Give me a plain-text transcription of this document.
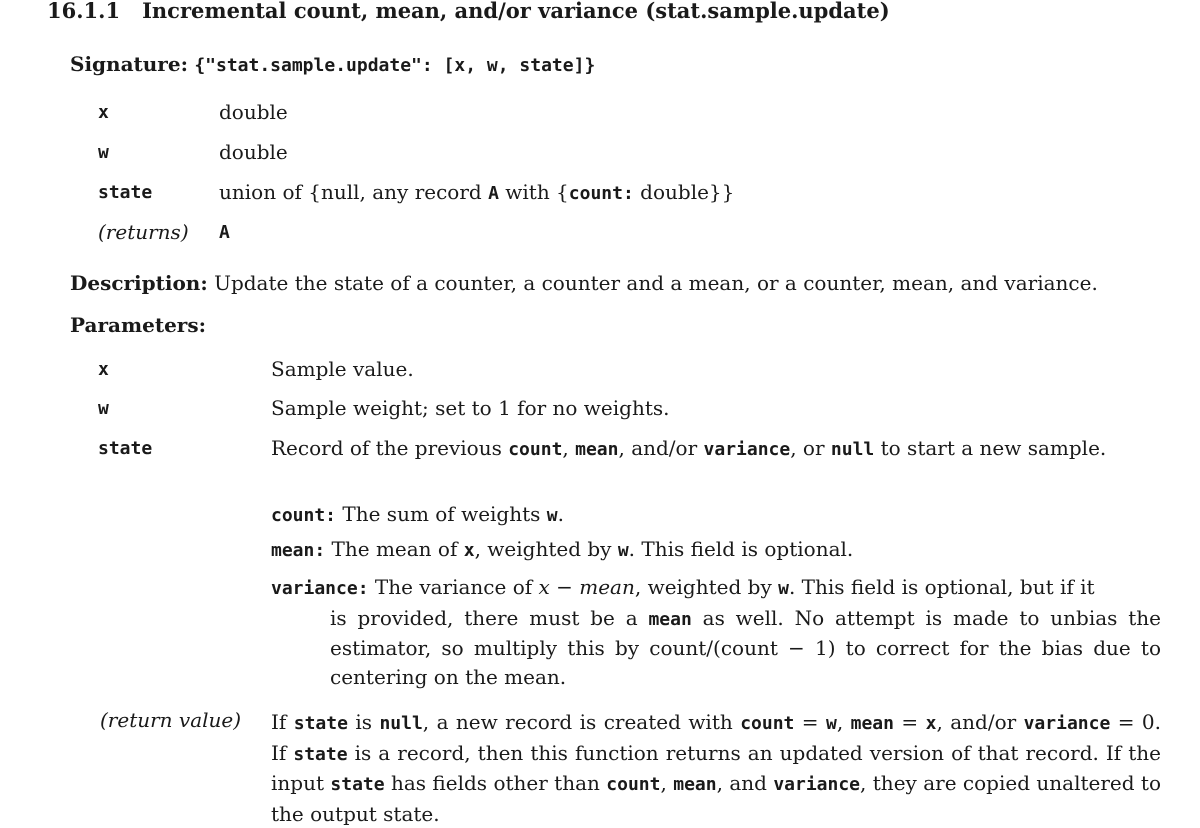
16.1.1 Incremental count, mean, and/or variance (stat.sample.update)
Signature: {"stat.sample.update": [x, w, state]}
x	double
w	double
state	union of {null, any record A with {count: double}}
(returns) A
Description: Update the state of a counter, a counter and a mean, or a counter, mean, and variance.
Parameters:
x	Sample value.
w	Sample weight; set to 1 for no weights.
state	Record of the previous count, mean, and/or variance, or null to start a new sample.
count: The sum of weights w.
mean: The mean of x, weighted by w. This field is optional.
variance: The variance of x − mean, weighted by w. This field is optional, but if it
is provided, there must be a mean as well. No attempt is made to unbias the estimator, so multiply this by count/(count − 1) to correct for the bias due to centering on the mean.
(return value) If state is null, a new record is created with count = w, mean = x, and/or variance = 0. If state is a record, then this function returns an updated version of that record. If the input state has fields other than count, mean, and variance, they are copied unaltered to the output state.
